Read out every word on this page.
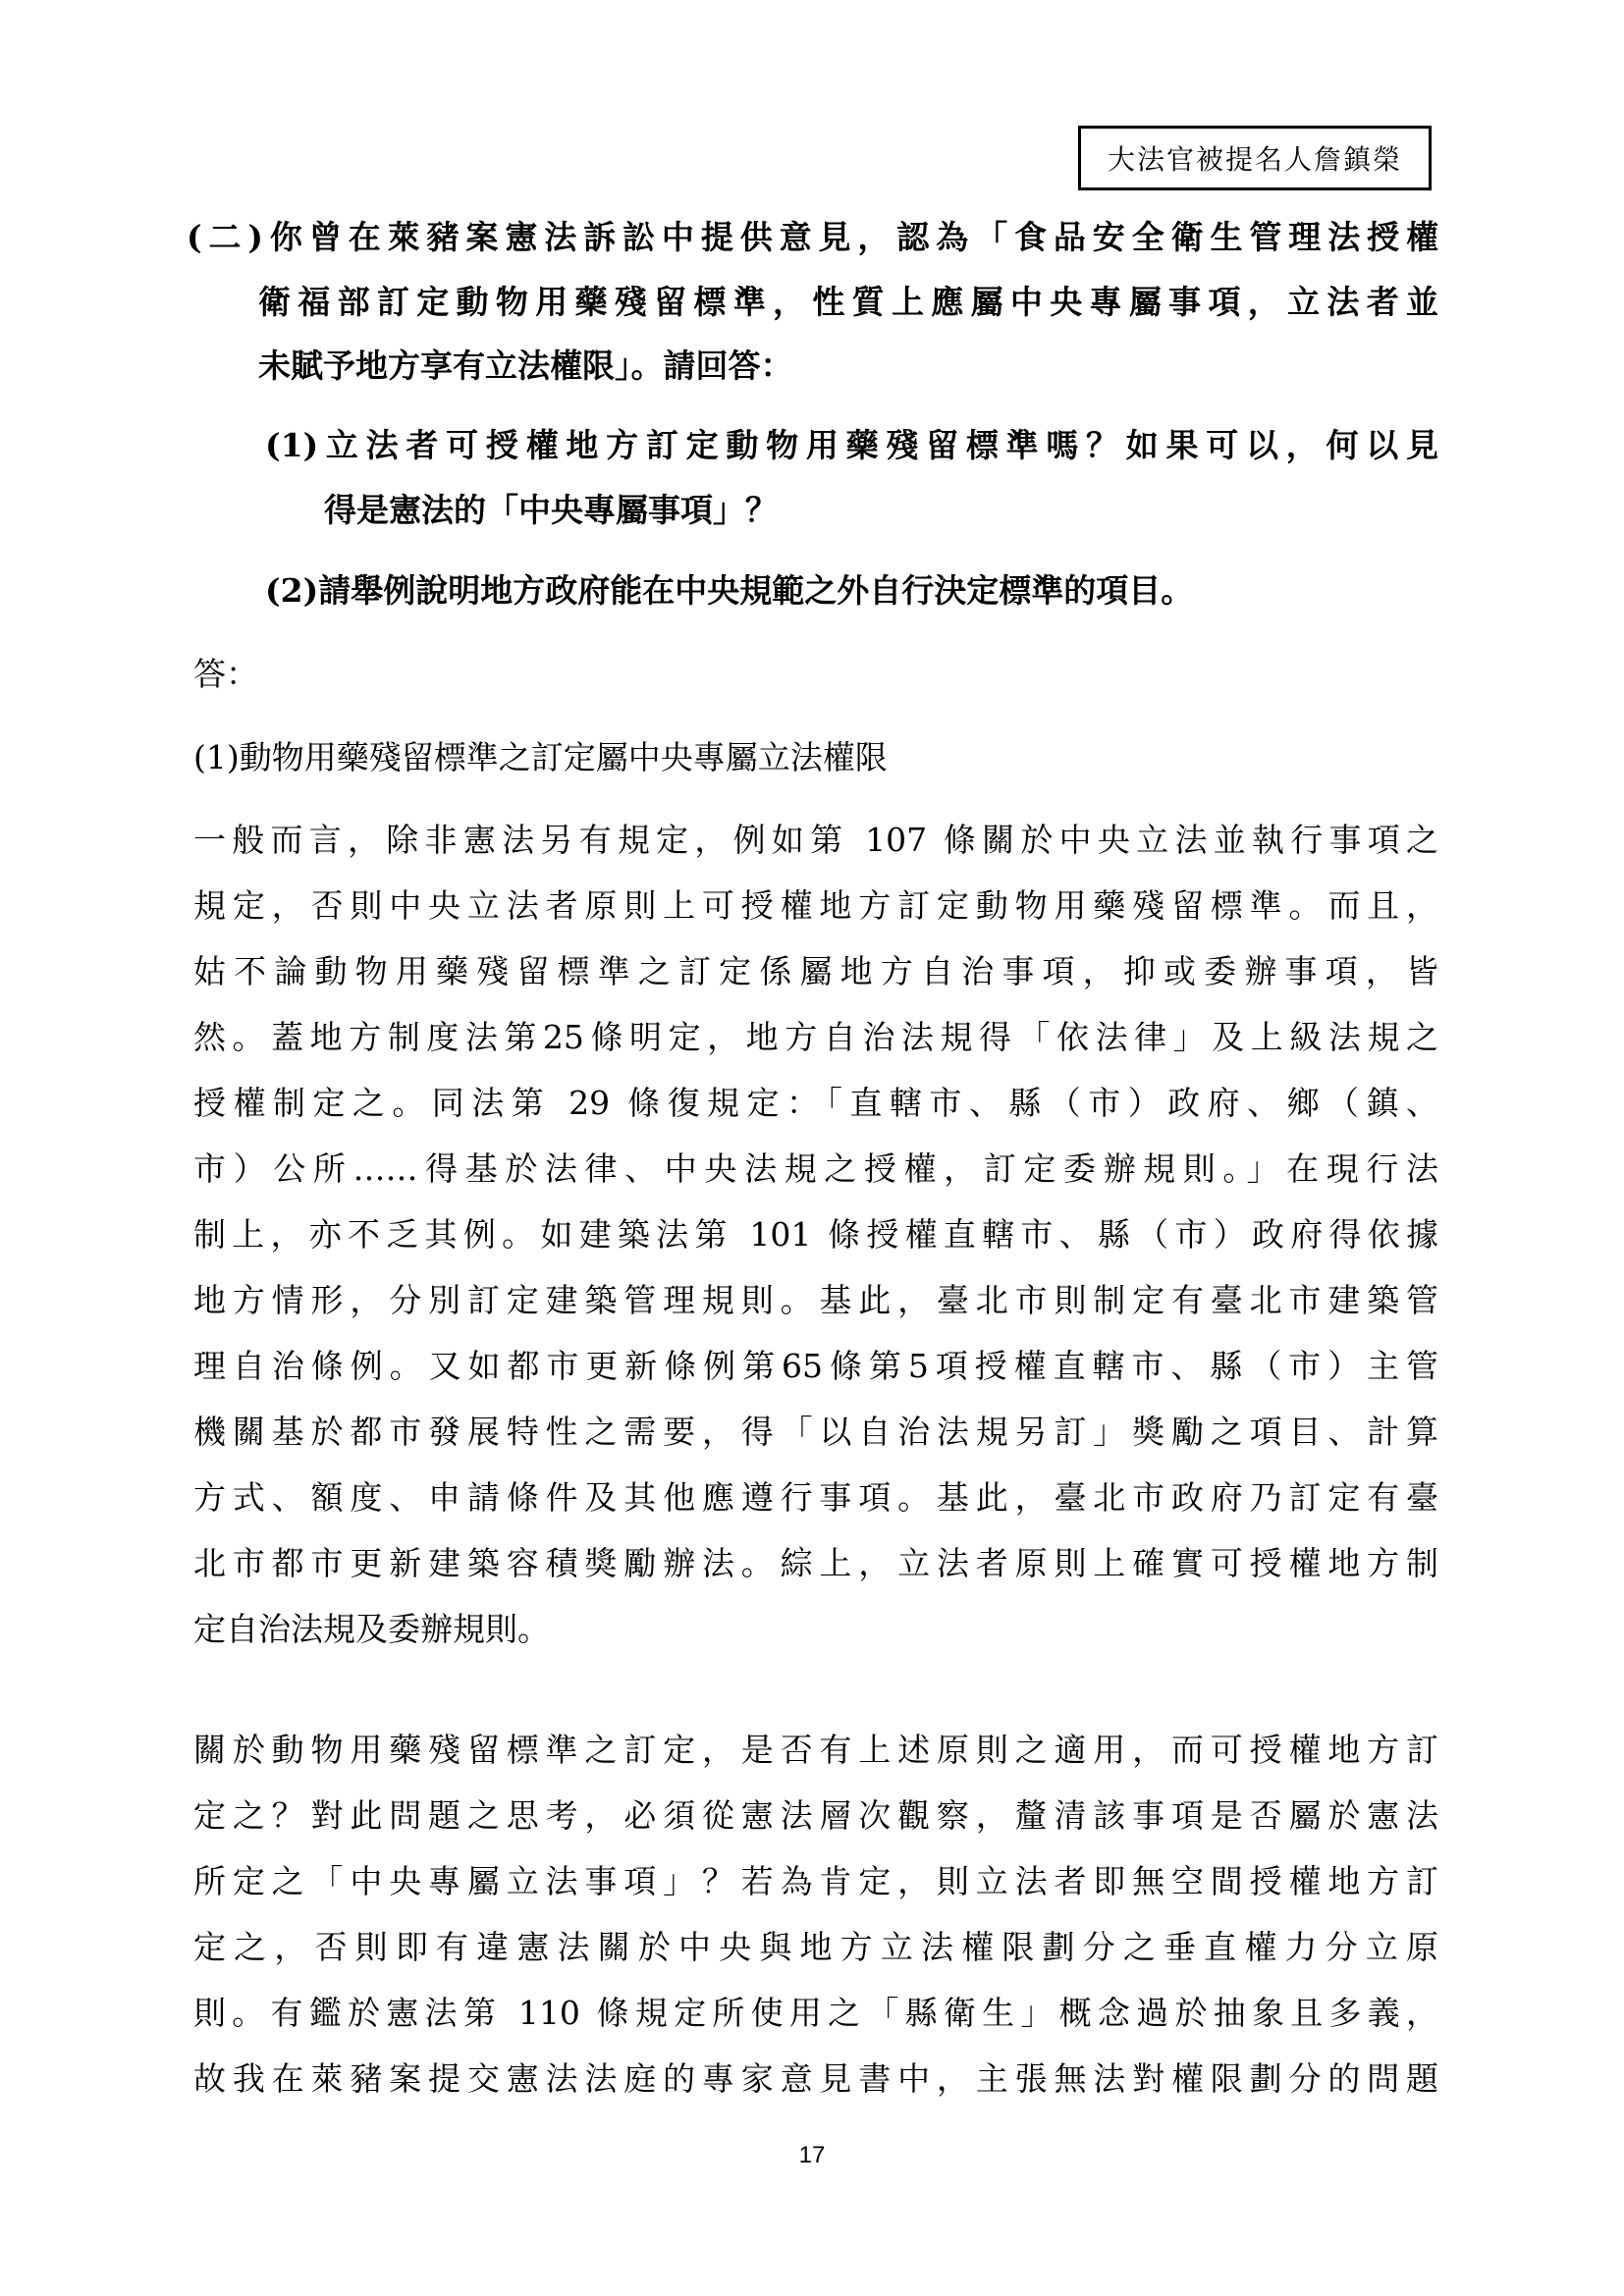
大法官被提名人詹鎮榮
(二)你曾在萊豬案憲法訴訟中提供意見，認為「食品安全衛生管理法授權
衛福部訂定動物用藥殘留標準，性質上應屬中央專屬事項，立法者並
未賦予地方享有立法權限」。請回答：
(1)立法者可授權地方訂定動物用藥殘留標準嗎？如果可以，何以見
得是憲法的「中央專屬事項」？
(2)請舉例說明地方政府能在中央規範之外自行決定標準的項目。
答：
(1)動物用藥殘留標準之訂定屬中央專屬立法權限
一般而言，除非憲法另有規定，例如第 107 條關於中央立法並執行事項之
規定，否則中央立法者原則上可授權地方訂定動物用藥殘留標準。而且，
姑不論動物用藥殘留標準之訂定係屬地方自治事項，抑或委辦事項，皆
然。蓋地方制度法第25條明定，地方自治法規得「依法律」及上級法規之
授權制定之。同法第 29 條復規定：「直轄市、縣（市）政府、鄉（鎮、
市）公所……得基於法律、中央法規之授權，訂定委辦規則。」在現行法
制上，亦不乏其例。如建築法第 101 條授權直轄市、縣（市）政府得依據
地方情形，分別訂定建築管理規則。基此，臺北市則制定有臺北市建築管
理自治條例。又如都市更新條例第65條第5項授權直轄市、縣（市）主管
機關基於都市發展特性之需要，得「以自治法規另訂」獎勵之項目、計算
方式、額度、申請條件及其他應遵行事項。基此，臺北市政府乃訂定有臺
北市都市更新建築容積獎勵辦法。綜上，立法者原則上確實可授權地方制
定自治法規及委辦規則。
關於動物用藥殘留標準之訂定，是否有上述原則之適用，而可授權地方訂
定之？對此問題之思考，必須從憲法層次觀察，釐清該事項是否屬於憲法
所定之「中央專屬立法事項」？若為肯定，則立法者即無空間授權地方訂
定之，否則即有違憲法關於中央與地方立法權限劃分之垂直權力分立原
則。有鑑於憲法第 110 條規定所使用之「縣衛生」概念過於抽象且多義，
故我在萊豬案提交憲法法庭的專家意見書中，主張無法對權限劃分的問題
17
